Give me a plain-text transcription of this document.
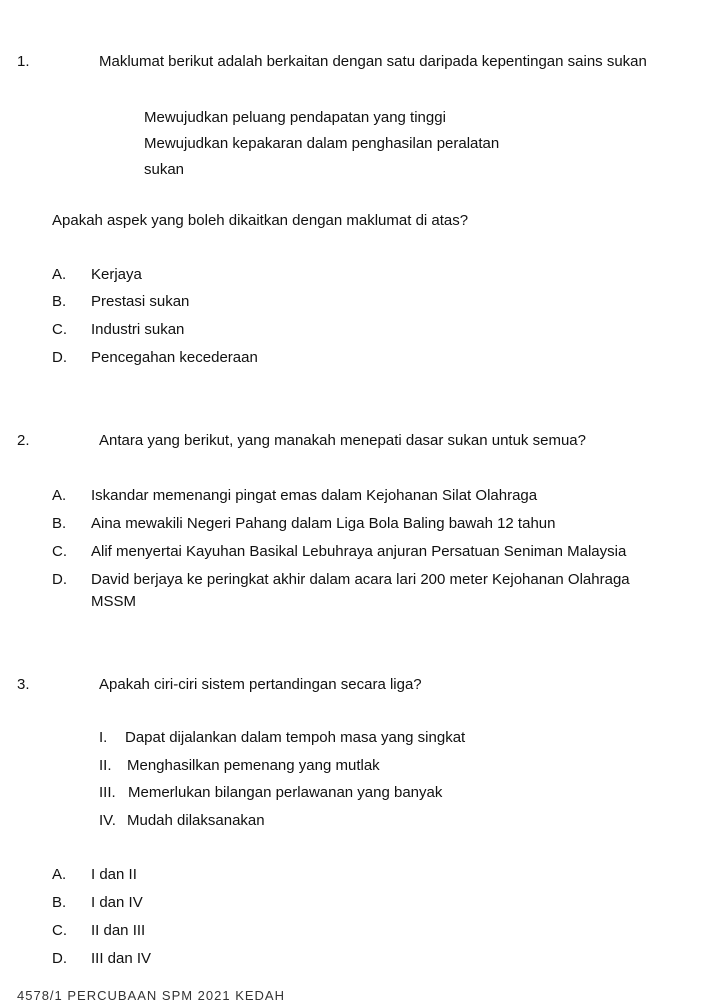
1.	Maklumat berikut adalah berkaitan dengan satu daripada kepentingan sains sukan
Mewujudkan peluang pendapatan yang tinggi
Mewujudkan kepakaran dalam penghasilan peralatan
sukan
Apakah aspek yang boleh dikaitkan dengan maklumat di atas?
A. Kerjaya
B. Prestasi sukan
C. Industri sukan
D. Pencegahan kecederaan
2.	Antara yang berikut, yang manakah menepati dasar sukan untuk semua?
A. Iskandar memenangi pingat emas dalam Kejohanan Silat Olahraga
B. Aina mewakili Negeri Pahang dalam Liga Bola Baling bawah 12 tahun
C. Alif menyertai Kayuhan Basikal Lebuhraya anjuran Persatuan Seniman Malaysia
D. David berjaya ke peringkat akhir dalam acara lari 200 meter Kejohanan Olahraga
MSSM
3.	Apakah ciri-ciri sistem pertandingan secara liga?
I. Dapat dijalankan dalam tempoh masa yang singkat
II. Menghasilkan pemenang yang mutlak
III. Memerlukan bilangan perlawanan yang banyak
IV. Mudah dilaksanakan
A. I dan II
B. I dan IV
C. II dan III
D. III dan IV
4578/1 PERCUBAAN SPM 2021 KEDAH
